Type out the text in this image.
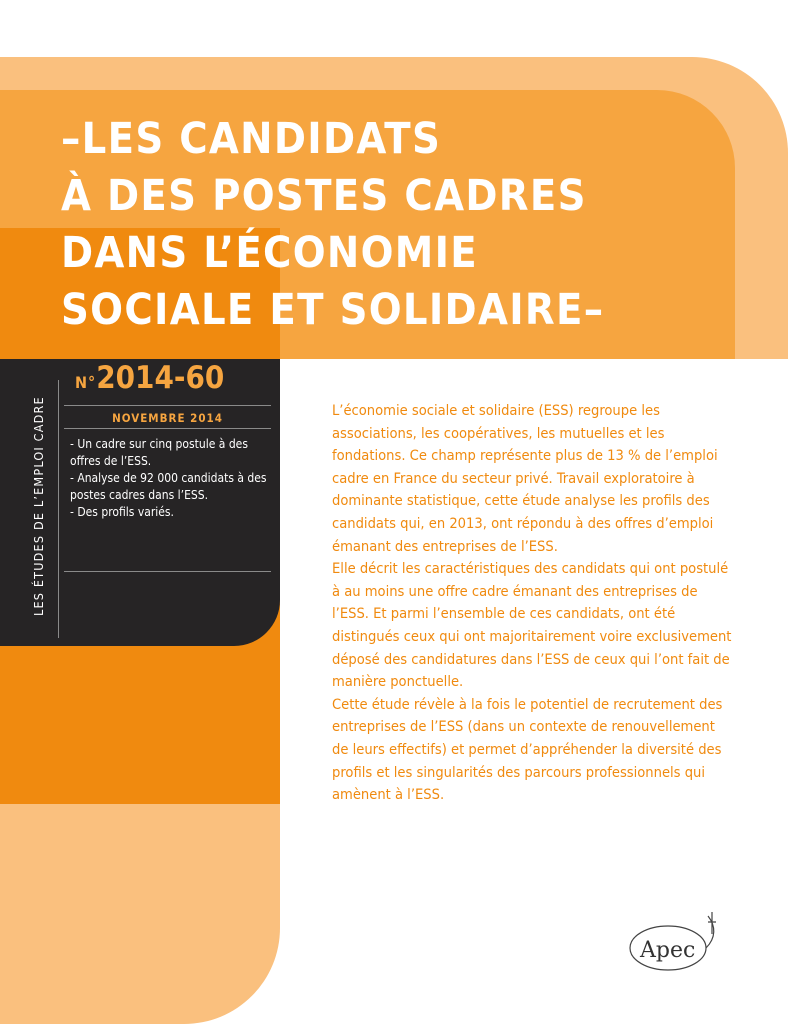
–LES CANDIDATS
À DES POSTES CADRES
DANS L’ÉCONOMIE
SOCIALE ET SOLIDAIRE–
LES ÉTUDES DE L’EMPLOI CADRE
N°2014-60
NOVEMBRE 2014
- Un cadre sur cinq postule à des offres de l’ESS.
- Analyse de 92 000 candidats à des postes cadres dans l’ESS.
- Des profils variés.

L’économie sociale et solidaire (ESS) regroupe les associations, les coopératives, les mutuelles et les fondations. Ce champ représente plus de 13 % de l’emploi cadre en France du secteur privé. Travail exploratoire à dominante statistique, cette étude analyse les profils des candidats qui, en 2013, ont répondu à des offres d’emploi émanant des entreprises de l’ESS.

Elle décrit les caractéristiques des candidats qui ont postulé à au moins une offre cadre émanant des entreprises de l’ESS. Et parmi l’ensemble de ces candidats, ont été distingués ceux qui ont majoritairement voire exclusivement déposé des candidatures dans l’ESS de ceux qui l’ont fait de manière ponctuelle.

Cette étude révèle à la fois le potentiel de recrutement des entreprises de l’ESS (dans un contexte de renouvellement de leurs effectifs) et permet d’appréhender la diversité des profils et les singularités des parcours professionnels qui amènent à l’ESS.

Apec
